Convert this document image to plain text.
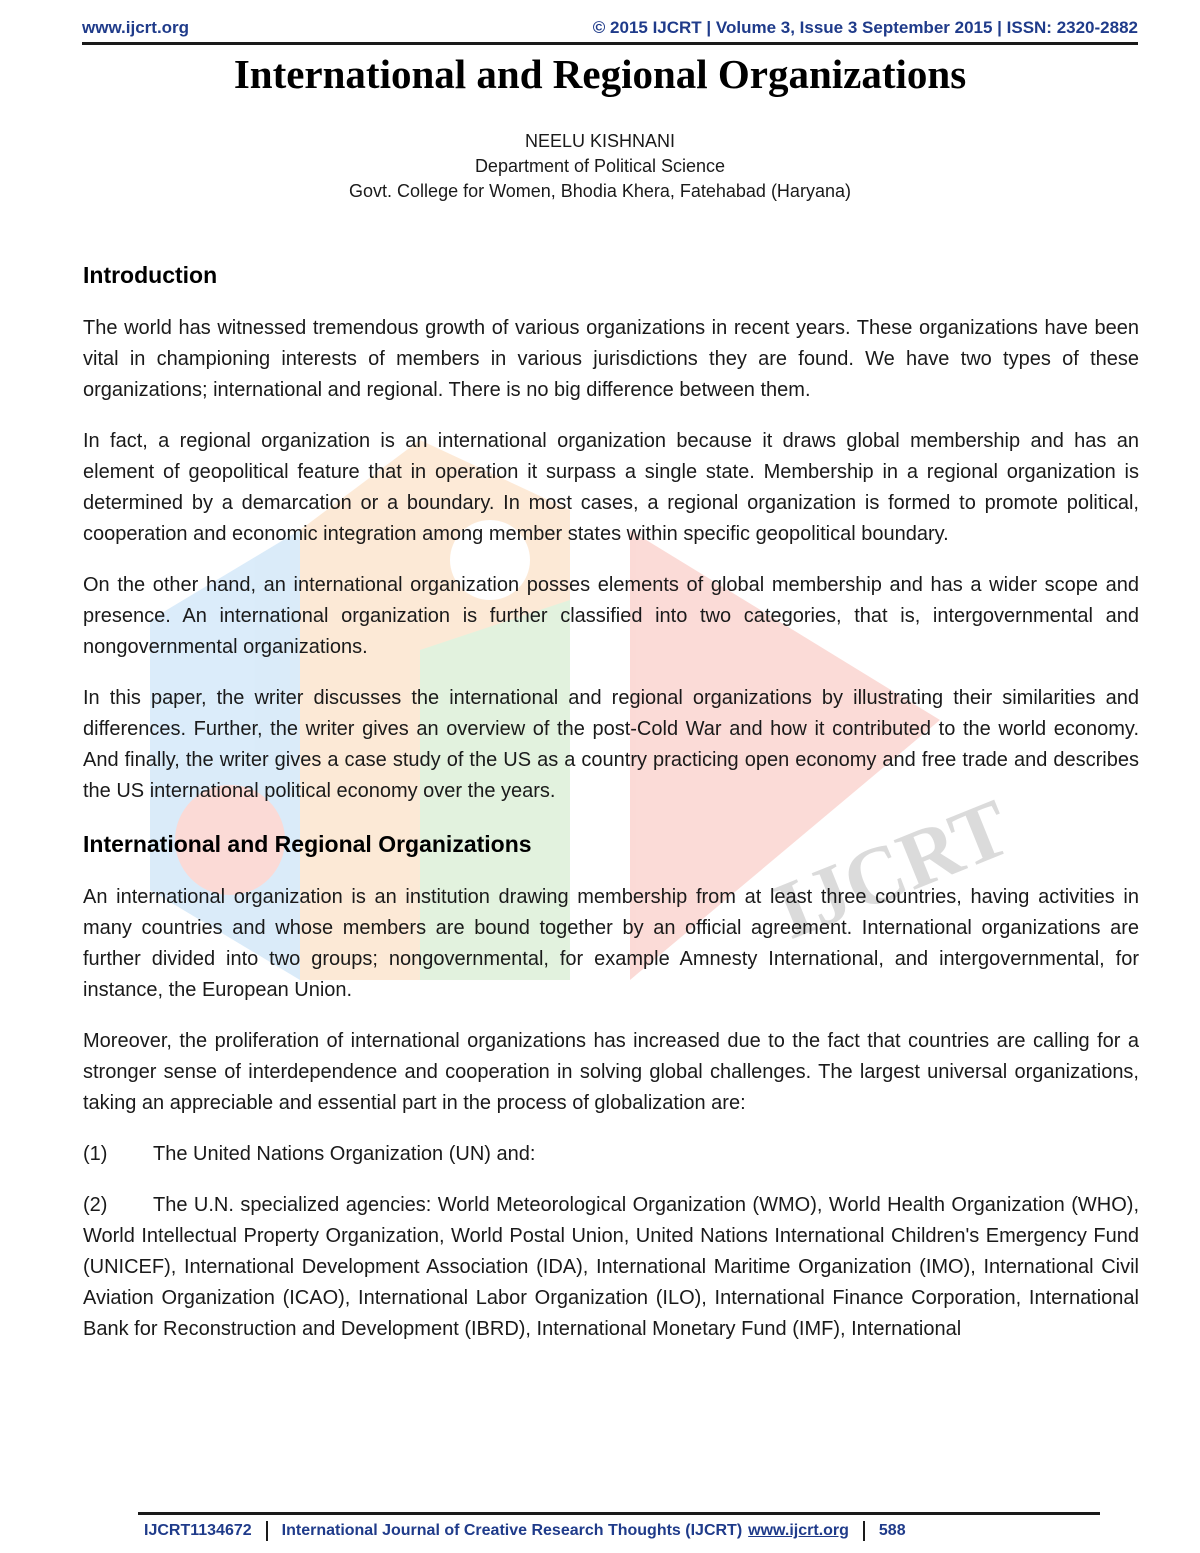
IJCRT
www.ijcrt.org	© 2015 IJCRT | Volume 3, Issue 3 September 2015 | ISSN: 2320-2882
International and Regional Organizations
NEELU KISHNANI
Department of Political Science
Govt. College for Women, Bhodia Khera, Fatehabad (Haryana)
Introduction

The world has witnessed tremendous growth of various organizations in recent years. These organizations have been vital in championing interests of members in various jurisdictions they are found. We have two types of these organizations; international and regional. There is no big difference between them.

In fact, a regional organization is an international organization because it draws global membership and has an element of geopolitical feature that in operation it surpass a single state. Membership in a regional organization is determined by a demarcation or a boundary. In most cases, a regional organization is formed to promote political, cooperation and economic integration among member states within specific geopolitical boundary.

On the other hand, an international organization posses elements of global membership and has a wider scope and presence. An international organization is further classified into two categories, that is, intergovernmental and nongovernmental organizations.

In this paper, the writer discusses the international and regional organizations by illustrating their similarities and differences. Further, the writer gives an overview of the post-Cold War and how it contributed to the world economy. And finally, the writer gives a case study of the US as a country practicing open economy and free trade and describes the US international political economy over the years.

International and Regional Organizations

An international organization is an institution drawing membership from at least three countries, having activities in many countries and whose members are bound together by an official agreement. International organizations are further divided into two groups; nongovernmental, for example Amnesty International, and intergovernmental, for instance, the European Union.

Moreover, the proliferation of international organizations has increased due to the fact that countries are calling for a stronger sense of interdependence and cooperation in solving global challenges. The largest universal organizations, taking an appreciable and essential part in the process of globalization are:

(1)	The United Nations Organization (UN) and:
(2) The U.N. specialized agencies: World Meteorological Organization (WMO), World Health Organization (WHO), World Intellectual Property Organization, World Postal Union, United Nations International Children's Emergency Fund (UNICEF), International Development Association (IDA), International Maritime Organization (IMO), International Civil Aviation Organization (ICAO), International Labor Organization (ILO), International Finance Corporation, International Bank for Reconstruction and Development (IBRD), International Monetary Fund (IMF), International
IJCRT1134672 International Journal of Creative Research Thoughts (IJCRT) www.ijcrt.org 588
